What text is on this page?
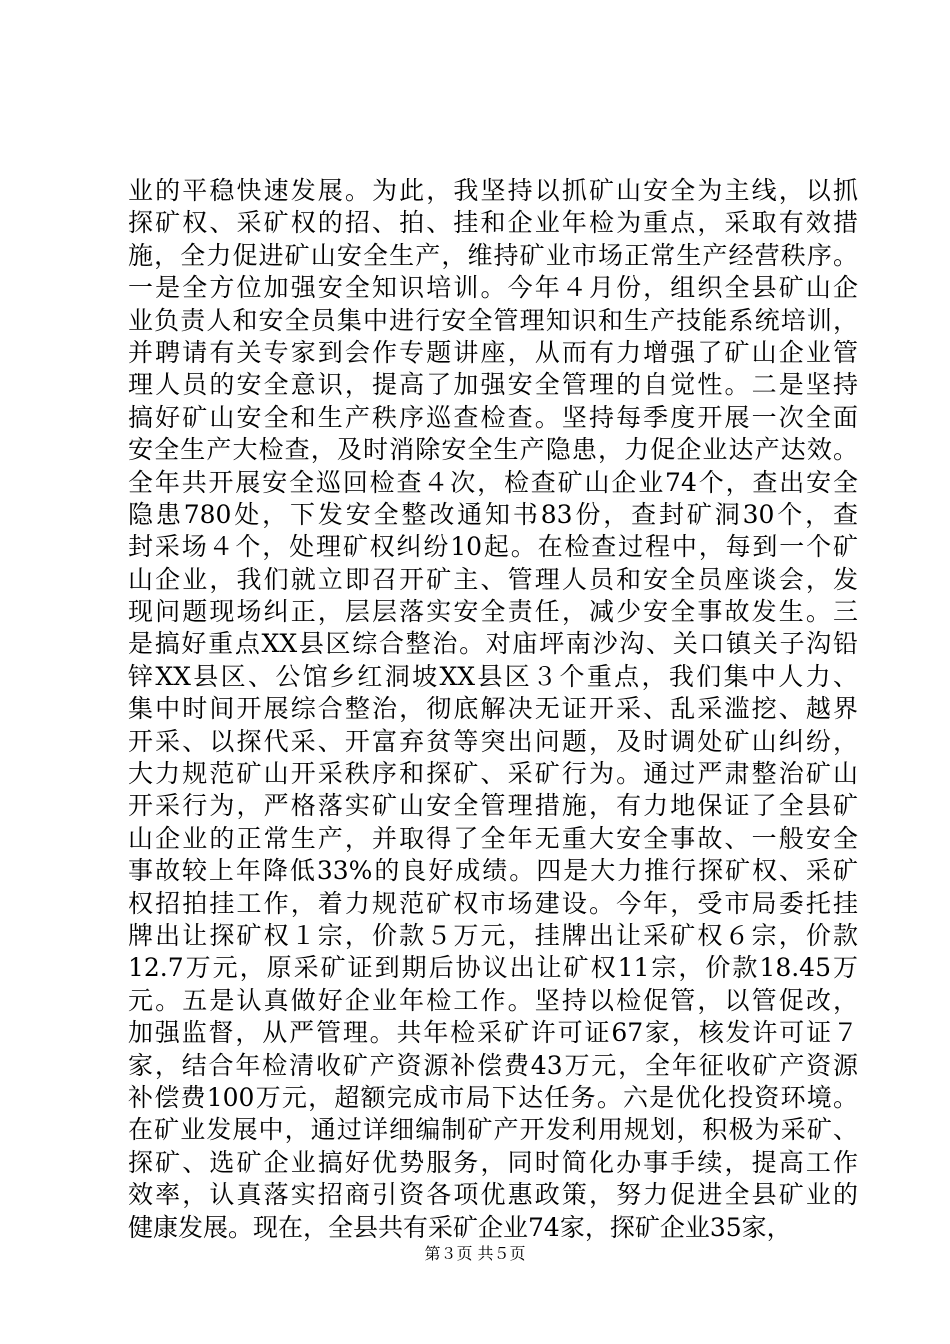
业的平稳快速发展。为此，我坚持以抓矿山安全为主线，以抓
探矿权、采矿权的招、拍、挂和企业年检为重点，采取有效措
施，全力促进矿山安全生产，维持矿业市场正常生产经营秩序。
一是全方位加强安全知识培训。今年４月份，组织全县矿山企
业负责人和安全员集中进行安全管理知识和生产技能系统培训，
并聘请有关专家到会作专题讲座，从而有力增强了矿山企业管
理人员的安全意识，提高了加强安全管理的自觉性。二是坚持
搞好矿山安全和生产秩序巡查检查。坚持每季度开展一次全面
安全生产大检查，及时消除安全生产隐患，力促企业达产达效。
全年共开展安全巡回检查４次，检查矿山企业74个，查出安全
隐患780处，下发安全整改通知书83份，查封矿洞30个，查
封采场４个，处理矿权纠纷10起。在检查过程中，每到一个矿
山企业，我们就立即召开矿主、管理人员和安全员座谈会，发
现问题现场纠正，层层落实安全责任，减少安全事故发生。三
是搞好重点XX县区综合整治。对庙坪南沙沟、关口镇关子沟铅
锌XX县区、公馆乡红洞坡XX县区３个重点，我们集中人力、
集中时间开展综合整治，彻底解决无证开采、乱采滥挖、越界
开采、以探代采、开富弃贫等突出问题，及时调处矿山纠纷，
大力规范矿山开采秩序和探矿、采矿行为。通过严肃整治矿山
开采行为，严格落实矿山安全管理措施，有力地保证了全县矿
山企业的正常生产，并取得了全年无重大安全事故、一般安全
事故较上年降低33%的良好成绩。四是大力推行探矿权、采矿
权招拍挂工作，着力规范矿权市场建设。今年，受市局委托挂
牌出让探矿权１宗，价款５万元，挂牌出让采矿权６宗，价款
12.7万元，原采矿证到期后协议出让矿权11宗，价款18.45万
元。五是认真做好企业年检工作。坚持以检促管，以管促改，
加强监督，从严管理。共年检采矿许可证67家，核发许可证７
家，结合年检清收矿产资源补偿费43万元，全年征收矿产资源
补偿费100万元，超额完成市局下达任务。六是优化投资环境。
在矿业发展中，通过详细编制矿产开发利用规划，积极为采矿、
探矿、选矿企业搞好优势服务，同时简化办事手续，提高工作
效率，认真落实招商引资各项优惠政策，努力促进全县矿业的
健康发展。现在，全县共有采矿企业74家，探矿企业35家，
第３页 共５页
